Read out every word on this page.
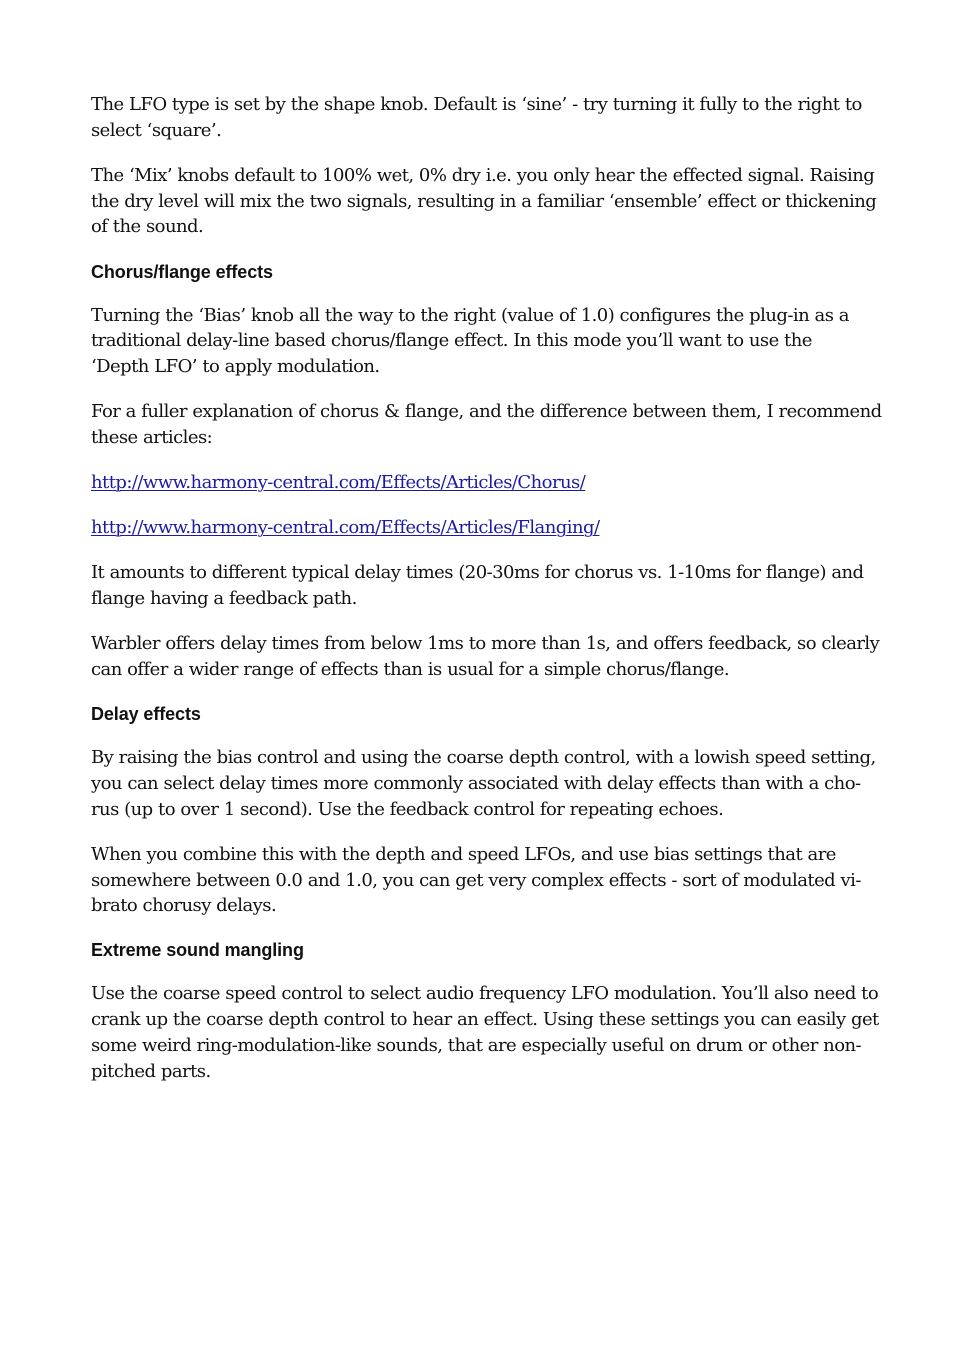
The LFO type is set by the shape knob. Default is ‘sine’ - try turning it fully to the right to
select ‘square’.

The ‘Mix’ knobs default to 100% wet, 0% dry i.e. you only hear the effected signal. Raising
the dry level will mix the two signals, resulting in a familiar ‘ensemble’ effect or thickening
of the sound.

Chorus/flange effects

Turning the ‘Bias’ knob all the way to the right (value of 1.0) configures the plug-in as a
traditional delay-line based chorus/flange effect. In this mode you’ll want to use the
‘Depth LFO’ to apply modulation.

For a fuller explanation of chorus & flange, and the difference between them, I recommend
these articles:

http://www.harmony-central.com/Effects/Articles/Chorus/

http://www.harmony-central.com/Effects/Articles/Flanging/

It amounts to different typical delay times (20-30ms for chorus vs. 1-10ms for flange) and
flange having a feedback path.

Warbler offers delay times from below 1ms to more than 1s, and offers feedback, so clearly
can offer a wider range of effects than is usual for a simple chorus/flange.

Delay effects

By raising the bias control and using the coarse depth control, with a lowish speed setting,
you can select delay times more commonly associated with delay effects than with a cho-
rus (up to over 1 second). Use the feedback control for repeating echoes.

When you combine this with the depth and speed LFOs, and use bias settings that are
somewhere between 0.0 and 1.0, you can get very complex effects - sort of modulated vi-
brato chorusy delays.

Extreme sound mangling

Use the coarse speed control to select audio frequency LFO modulation. You’ll also need to
crank up the coarse depth control to hear an effect. Using these settings you can easily get
some weird ring-modulation-like sounds, that are especially useful on drum or other non-
pitched parts.
